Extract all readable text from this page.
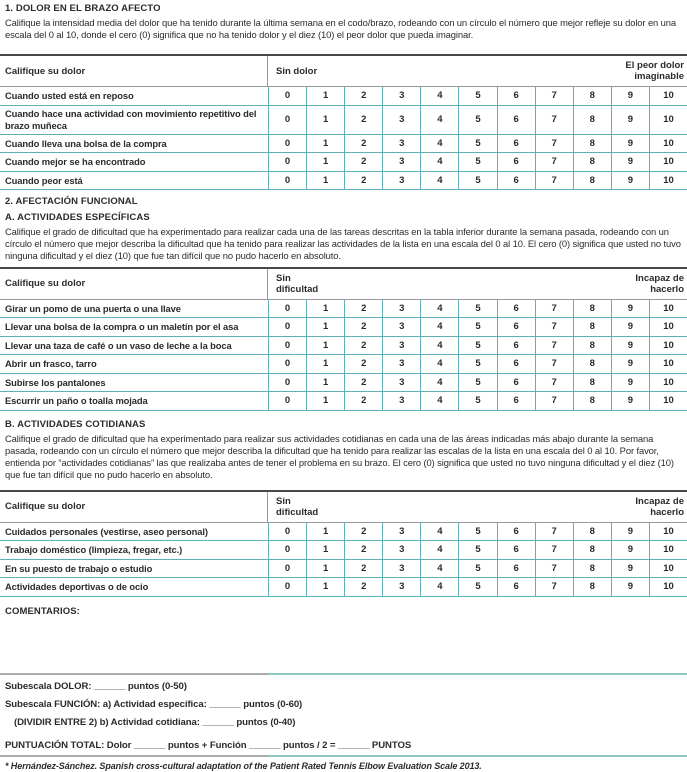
1. DOLOR EN EL BRAZO AFECTO
Califique la intensidad media del dolor que ha tenido durante la última semana en el codo/brazo, rodeando con un círculo el número que mejor refleje su dolor en una escala del 0 al 10, donde el cero (0) significa que no ha tenido dolor y el diez (10) el peor dolor que pueda imaginar.
Califique su dolor	Sin dolor	El peor dolor imaginable
Cuando usted está en reposo	0	1	2	3	4	5	6	7	8	9	10
Cuando hace una actividad con movimiento repetitivo del brazo muñeca	0	1	2	3	4	5	6	7	8	9	10
Cuando lleva una bolsa de la compra	0	1	2	3	4	5	6	7	8	9	10
Cuando mejor se ha encontrado	0	1	2	3	4	5	6	7	8	9	10
Cuando peor está	0	1	2	3	4	5	6	7	8	9	10
2. AFECTACIÓN FUNCIONAL
A. ACTIVIDADES ESPECÍFICAS
Califique el grado de dificultad que ha experimentado para realizar cada una de las tareas descritas en la tabla inferior durante la semana pasada, rodeando con un círculo el número que mejor describa la dificultad que ha tenido para realizar las actividades de la lista en una escala del 0 al 10. El cero (0) significa que usted no tuvo ninguna dificultad y el diez (10) que fue tan difícil que no pudo hacerlo en absoluto.
Califique su dolor	Sin dificultad
Incapaz de hacerlo
Girar un pomo de una puerta o una llave	0	1	2	3	4	5	6	7	8	9	10
Llevar una bolsa de la compra o un maletín por el asa	0	1	2	3	4	5	6	7	8	9	10
Llevar una taza de café o un vaso de leche a la boca	0	1	2	3	4	5	6	7	8	9	10
Abrir un frasco, tarro	0	1	2	3	4	5	6	7	8	9	10
Subirse los pantalones	0	1	2	3	4	5	6	7	8	9	10
Escurrir un paño o toalla mojada	0	1	2	3	4	5	6	7	8	9	10
B. ACTIVIDADES COTIDIANAS
Califique el grado de dificultad que ha experimentado para realizar sus actividades cotidianas en cada una de las áreas indicadas más abajo durante la semana pasada, rodeando con un círculo el número que mejor describa la dificultad que ha tenido para realizar las escalas de la lista en una escala del 0 al 10. Por favor, entienda por “actividades cotidianas” las que realizaba antes de tener el problema en su brazo. El cero (0) significa que usted no tuvo ninguna dificultad y el diez (10) que fue tan difícil que no pudo hacerlo en absoluto.
Califique su dolor	Sin dificultad
Incapaz de hacerlo
Cuidados personales (vestirse, aseo personal)	0	1	2	3	4	5	6	7	8	9	10
Trabajo doméstico (limpieza, fregar, etc.)	0	1	2	3	4	5	6	7	8	9	10
En su puesto de trabajo o estudio	0	1	2	3	4	5	6	7	8	9	10
Actividades deportivas o de ocio	0	1	2	3	4	5	6	7	8	9	10
COMENTARIOS:
Subescala DOLOR: ______ puntos (0-50)
Subescala FUNCIÓN: a) Actividad específica: ______ puntos (0-60)
(DIVIDIR ENTRE 2) b) Actividad cotidiana: ______ puntos (0-40)
PUNTUACIÓN TOTAL: Dolor ______ puntos + Función ______ puntos / 2 = ______ PUNTOS
* Hernández-Sánchez. Spanish cross-cultural adaptation of the Patient Rated Tennis Elbow Evaluation Scale 2013.
